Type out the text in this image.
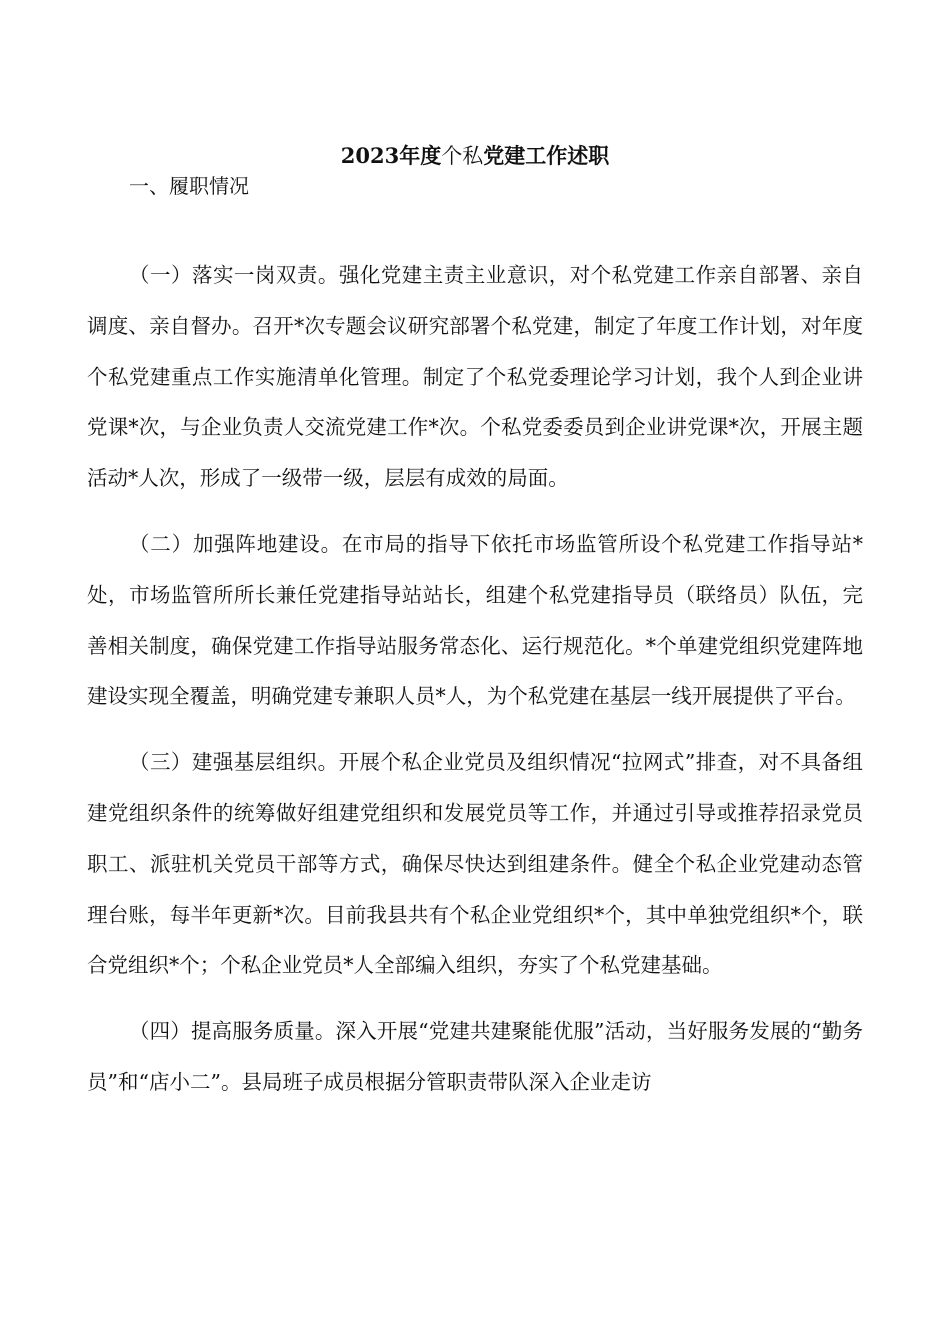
2023年度个私党建工作述职
一、履职情况

（一）落实一岗双责。强化党建主责主业意识，对个私党建工作亲自部署、亲自调度、亲自督办。召开*次专题会议研究部署个私党建，制定了年度工作计划，对年度个私党建重点工作实施清单化管理。制定了个私党委理论学习计划，我个人到企业讲党课*次，与企业负责人交流党建工作*次。个私党委委员到企业讲党课*次，开展主题活动*人次，形成了一级带一级，层层有成效的局面。

（二）加强阵地建设。在市局的指导下依托市场监管所设个私党建工作指导站*处，市场监管所所长兼任党建指导站站长，组建个私党建指导员（联络员）队伍，完善相关制度，确保党建工作指导站服务常态化、运行规范化。*个单建党组织党建阵地建设实现全覆盖，明确党建专兼职人员*人，为个私党建在基层一线开展提供了平台。

（三）建强基层组织。开展个私企业党员及组织情况“拉网式”排查，对不具备组建党组织条件的统筹做好组建党组织和发展党员等工作，并通过引导或推荐招录党员职工、派驻机关党员干部等方式，确保尽快达到组建条件。健全个私企业党建动态管理台账，每半年更新*次。目前我县共有个私企业党组织*个，其中单独党组织*个，联合党组织*个；个私企业党员*人全部编入组织，夯实了个私党建基础。

（四）提高服务质量。深入开展“党建共建聚能优服”活动，当好服务发展的“勤务员”和“店小二”。县局班子成员根据分管职责带队深入企业走访
